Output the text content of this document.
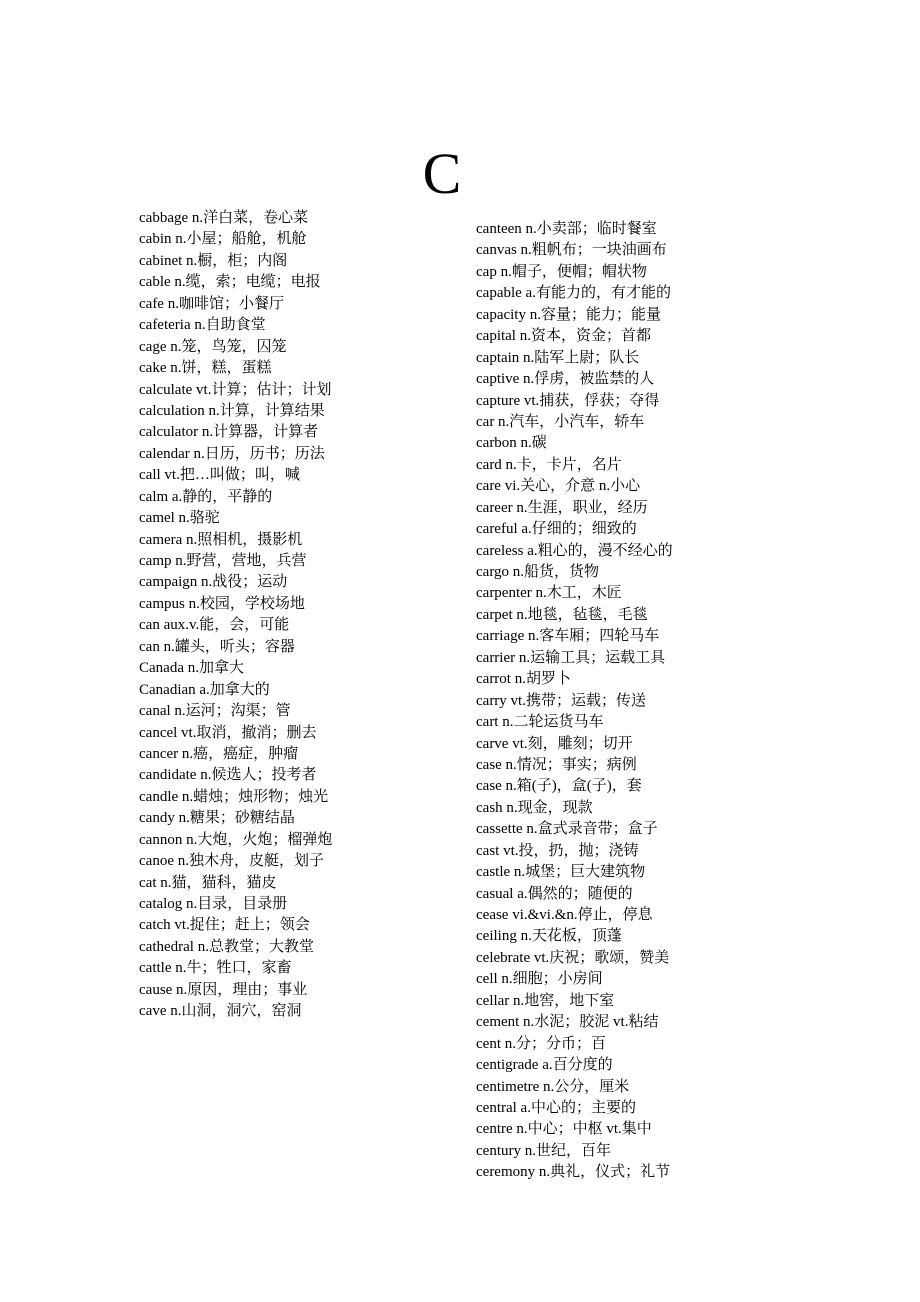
C
cabbage n.洋白菜，卷心菜
cabin n.小屋；船舱，机舱
cabinet n.橱，柜；内阁
cable n.缆，索；电缆；电报
cafe n.咖啡馆；小餐厅
cafeteria n.自助食堂
cage n.笼，鸟笼，囚笼
cake n.饼，糕，蛋糕
calculate vt.计算；估计；计划
calculation n.计算，计算结果
calculator n.计算器，计算者
calendar n.日历，历书；历法
call vt.把…叫做；叫，喊
calm a.静的，平静的
camel n.骆驼
camera n.照相机，摄影机
camp n.野营，营地，兵营
campaign n.战役；运动
campus n.校园，学校场地
can aux.v.能，会，可能
can n.罐头，听头；容器
Canada n.加拿大
Canadian a.加拿大的
canal n.运河；沟渠；管
cancel vt.取消，撤消；删去
cancer n.癌，癌症，肿瘤
candidate n.候选人；投考者
candle n.蜡烛；烛形物；烛光
candy n.糖果；砂糖结晶
cannon n.大炮，火炮；榴弹炮
canoe n.独木舟，皮艇，划子
cat n.猫，猫科，猫皮
catalog n.目录，目录册
catch vt.捉住；赶上；领会
cathedral n.总教堂；大教堂
cattle n.牛；牲口，家畜
cause n.原因，理由；事业
cave n.山洞，洞穴，窑洞
canteen n.小卖部；临时餐室
canvas n.粗帆布；一块油画布
cap n.帽子，便帽；帽状物
capable a.有能力的，有才能的
capacity n.容量；能力；能量
capital n.资本，资金；首都
captain n.陆军上尉；队长
captive n.俘虏，被监禁的人
capture vt.捕获，俘获；夺得
car n.汽车，小汽车，轿车
carbon n.碳
card n.卡，卡片，名片
care vi.关心，介意 n.小心
career n.生涯，职业，经历
careful a.仔细的；细致的
careless a.粗心的，漫不经心的
cargo n.船货，货物
carpenter n.木工，木匠
carpet n.地毯，毡毯，毛毯
carriage n.客车厢；四轮马车
carrier n.运输工具；运载工具
carrot n.胡罗卜
carry vt.携带；运载；传送
cart n.二轮运货马车
carve vt.刻，雕刻；切开
case n.情况；事实；病例
case n.箱(子)，盒(子)，套
cash n.现金，现款
cassette n.盒式录音带；盒子
cast vt.投，扔，抛；浇铸
castle n.城堡；巨大建筑物
casual a.偶然的；随便的
cease vi.&vi.&n.停止，停息
ceiling n.天花板，顶蓬
celebrate vt.庆祝；歌颂，赞美
cell n.细胞；小房间
cellar n.地窖，地下室
cement n.水泥；胶泥 vt.粘结
cent n.分；分币；百
centigrade a.百分度的
centimetre n.公分，厘米
central a.中心的；主要的
centre n.中心；中枢 vt.集中
century n.世纪，百年
ceremony n.典礼，仪式；礼节
